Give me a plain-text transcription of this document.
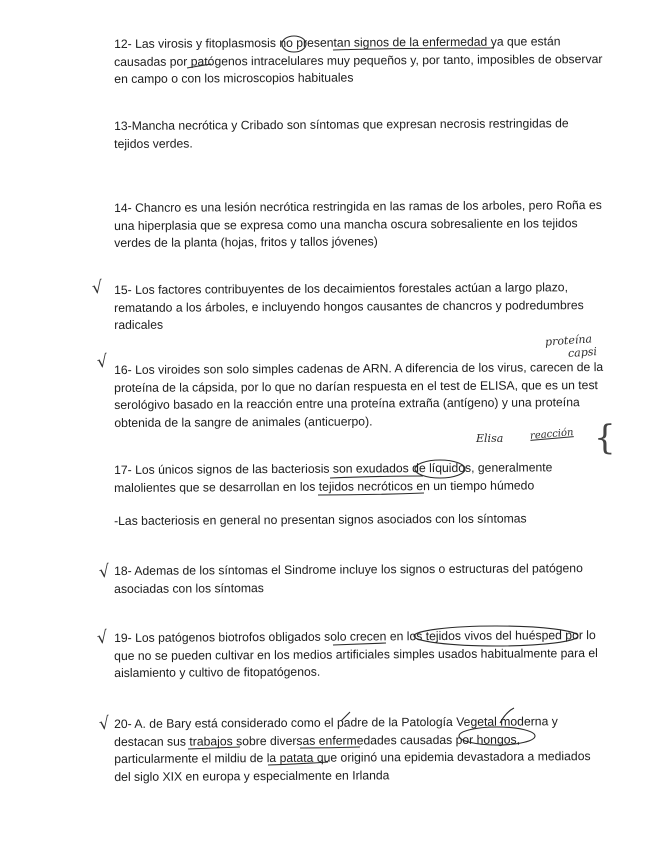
12- Las virosis y fitoplasmosis no presentan signos de la enfermedad ya que están causadas por patógenos intracelulares muy pequeños y, por tanto, imposibles de observar en campo o con los microscopios habituales

13-Mancha necrótica y Cribado son síntomas que expresan necrosis restringidas de tejidos verdes.

14- Chancro es una lesión necrótica restringida en las ramas de los arboles, pero Roña es una hiperplasia que se expresa como una mancha oscura sobresaliente en los tejidos verdes de la planta (hojas, fritos y tallos jóvenes)

15- Los factores contribuyentes de los decaimientos forestales actúan a largo plazo, rematando a los árboles, e incluyendo hongos causantes de chancros y podredumbres radicales

16- Los viroides son solo simples cadenas de ARN. A diferencia de los virus, carecen de la proteína de la cápsida, por lo que no darían respuesta en el test de ELISA, que es un test serológivo basado en la reacción entre una proteína extraña (antígeno) y una proteína obtenida de la sangre de animales (anticuerpo).

17- Los únicos signos de las bacteriosis son exudados de líquidos, generalmente malolientes que se desarrollan en los tejidos necróticos en un tiempo húmedo

-Las bacteriosis en general no presentan signos asociados con los síntomas

18- Ademas de los síntomas el Sindrome incluye los signos o estructuras del patógeno asociadas con los síntomas

19- Los patógenos biotrofos obligados solo crecen en los tejidos vivos del huésped por lo que no se pueden cultivar en los medios artificiales simples usados habitualmente para el aislamiento y cultivo de fitopatógenos.

20- A. de Bary está considerado como el padre de la Patología Vegetal moderna y destacan sus trabajos sobre diversas enfermedades causadas por hongos, particularmente el mildiu de la patata que originó una epidemia devastadora a mediados del siglo XIX en europa y especialmente en Irlanda

√
√
√
√
√
proteína
capsi
Elisa	reacción {
